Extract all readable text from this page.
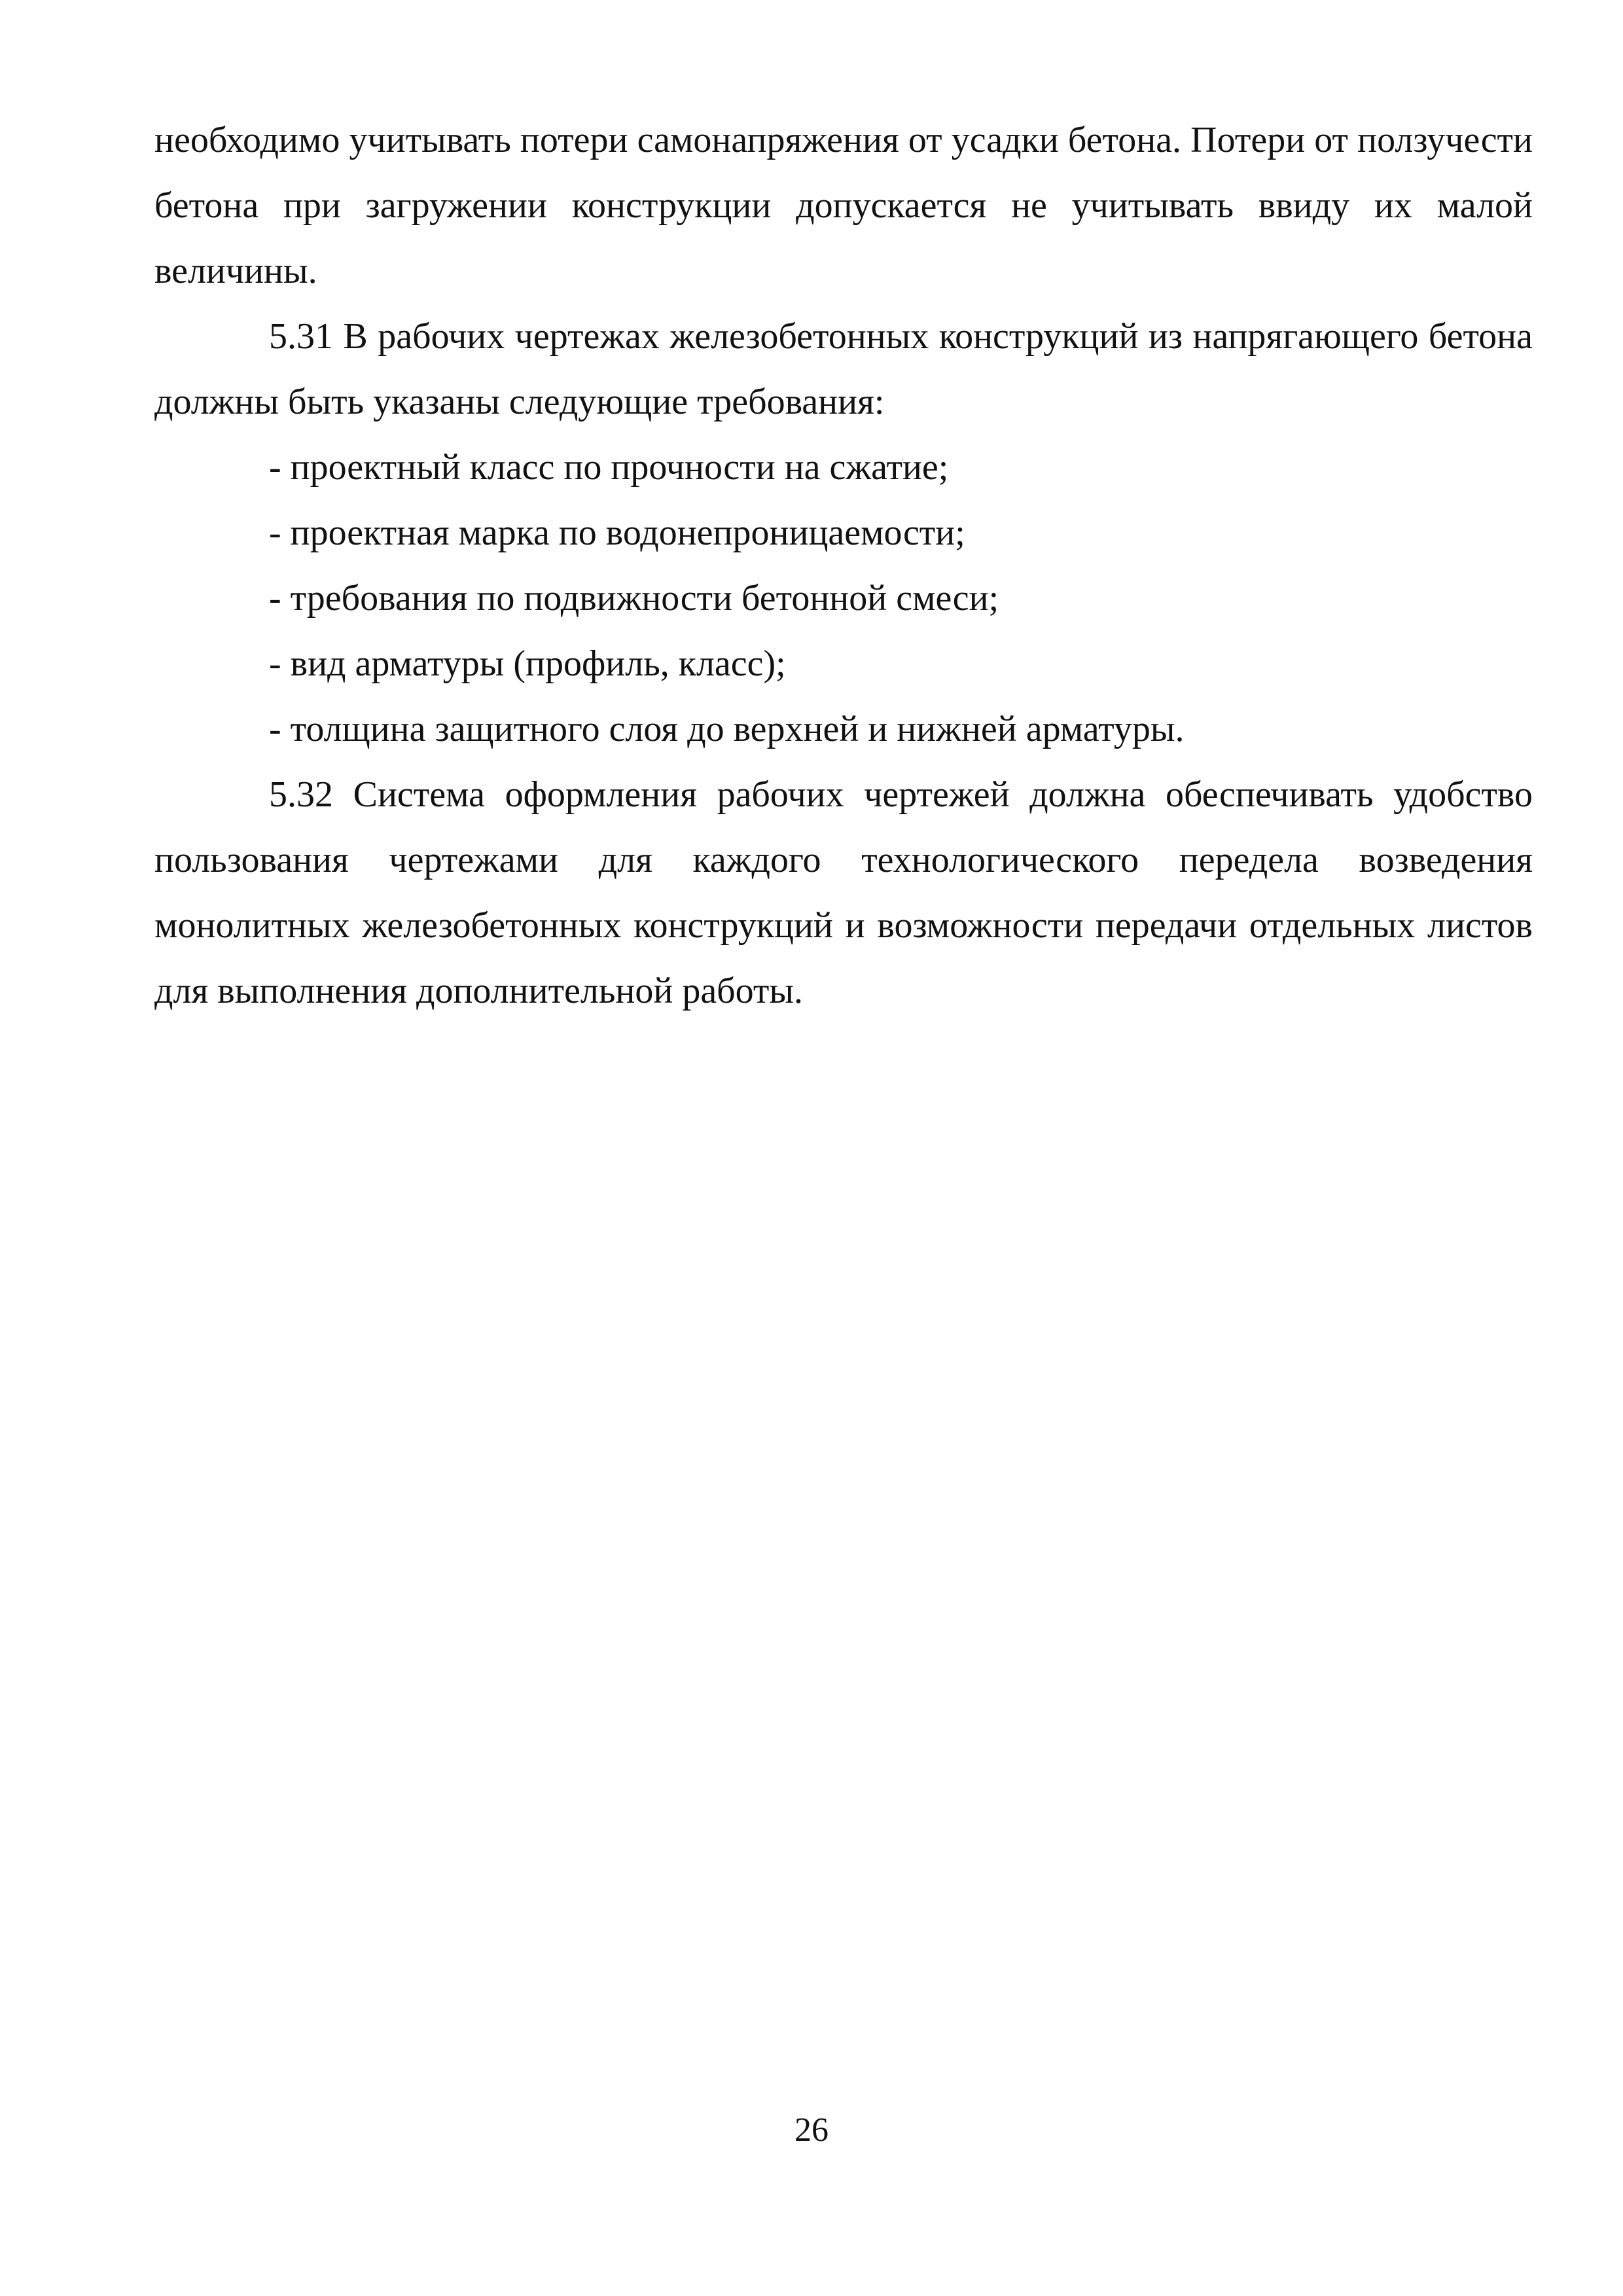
необходимо учитывать потери самонапряжения от усадки бетона. Потери от ползучести бетона при загружении конструкции допускается не учитывать ввиду их малой величины.

5.31 В рабочих чертежах железобетонных конструкций из напрягающего бетона должны быть указаны следующие требования:

- проектный класс по прочности на сжатие;
- проектная марка по водонепроницаемости;
- требования по подвижности бетонной смеси;
- вид арматуры (профиль, класс);
- толщина защитного слоя до верхней и нижней арматуры.

5.32 Система оформления рабочих чертежей должна обеспечивать удобство пользования чертежами для каждого технологического передела возведения монолитных железобетонных конструкций и возможности передачи отдельных листов для выполнения дополнительной работы.

26
